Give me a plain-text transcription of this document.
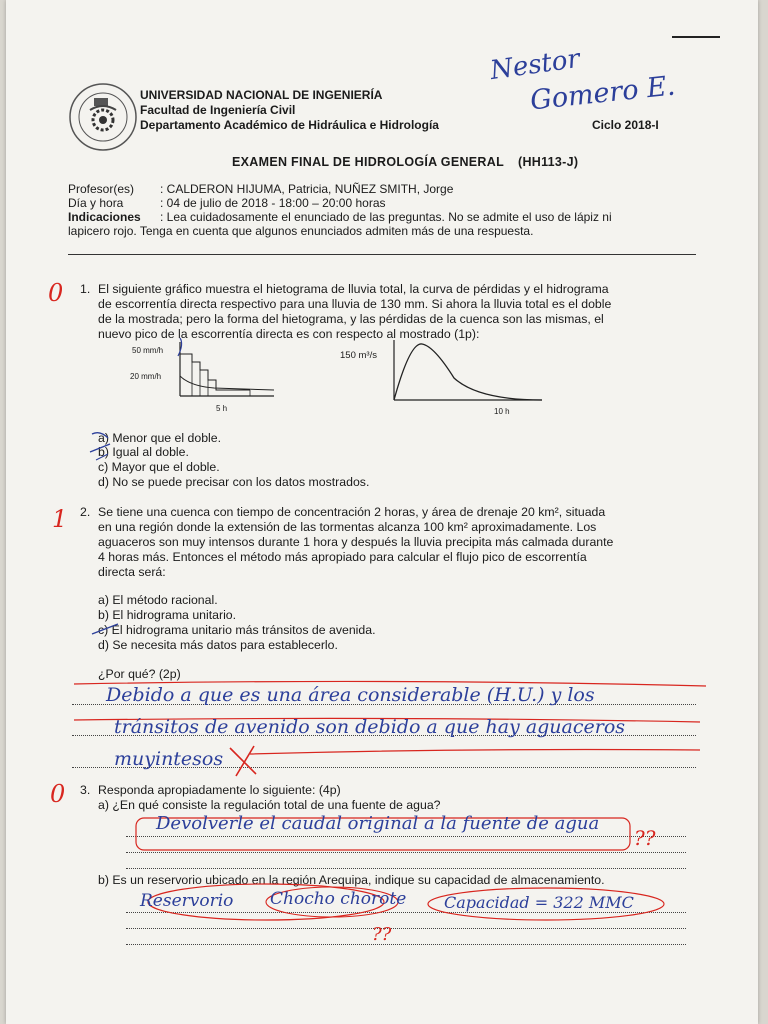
UNIVERSIDAD NACIONAL DE INGENIERÍA
Facultad de Ingeniería Civil
Departamento Académico de Hidráulica e Hidrología	Ciclo 2018-I
Nestor
Gomero E.
EXAMEN FINAL DE HIDROLOGÍA GENERAL (HH113-J)
Profesor(es) : CALDERON HIJUMA, Patricia, NUÑEZ SMITH, Jorge
Día y hora	: 04 de julio de 2018 - 18:00 – 20:00 horas
Indicaciones : Lea cuidadosamente el enunciado de las preguntas. No se admite el uso de lápiz ni
lapicero rojo. Tenga en cuenta que algunos enunciados admiten más de una respuesta.
0 1. El siguiente gráfico muestra el hietograma de lluvia total, la curva de pérdidas y el hidrograma
de escorrentía directa respectivo para una lluvia de 130 mm. Si ahora la lluvia total es el doble
de la mostrada; pero la forma del hietograma, y las pérdidas de la cuenca son las mismas, el
nuevo pico de la escorrentía directa es con respecto al mostrado (1p):
50 mm/h
20 mm/h
5 h
150 m³/s
10 h
a) Menor que el doble.
b) Igual al doble.
c) Mayor que el doble.
d) No se puede precisar con los datos mostrados.
1 2. Se tiene una cuenca con tiempo de concentración 2 horas, y área de drenaje 20 km², situada
en una región donde la extensión de las tormentas alcanza 100 km² aproximadamente. Los
aguaceros son muy intensos durante 1 hora y después la lluvia precipita más calmada durante
4 horas más. Entonces el método más apropiado para calcular el flujo pico de escorrentía
directa será:
a) El método racional.
b) El hidrograma unitario.
c) El hidrograma unitario más tránsitos de avenida.
d) Se necesita más datos para establecerlo.
¿Por qué? (2p)
Debido a que es una área considerable (H.U.) y los
tránsitos de avenido son debido a que hay aguaceros
muyintesos
0 3. Responda apropiadamente lo siguiente: (4p)
a) ¿En qué consiste la regulación total de una fuente de agua?
Devolverle el caudal original a la fuente de agua
??
b) Es un reservorio ubicado en la región Arequipa, indique su capacidad de almacenamiento.
Reservorio Chocho chorote Capacidad = 322 MMC
??
